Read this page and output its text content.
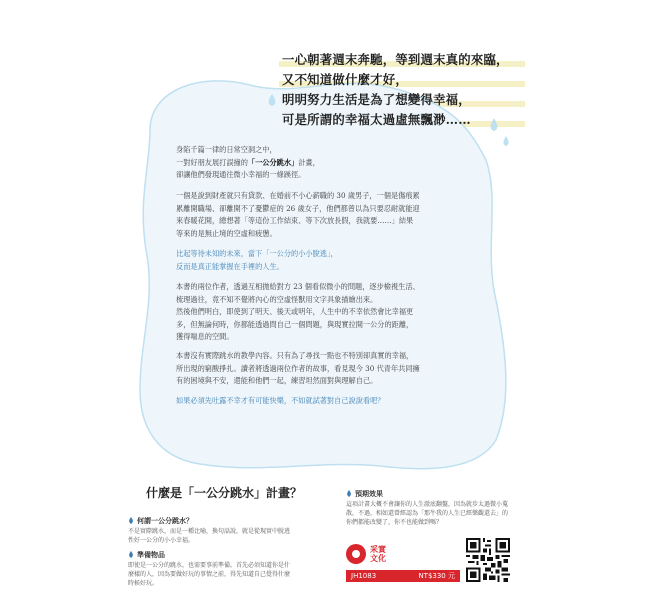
一心朝著週末奔馳，等到週末真的來臨，
又不知道做什麼才好，
明明努力生活是為了想變得幸福，
可是所謂的幸福太過虛無飄渺……

身陷千篇一律的日常空洞之中，

一對好朋友展打誤撞的「一公分跳水」計畫，

卻讓他們發現通往微小幸福的一條蹊徑。

一個是說到財產就只有貸款、在婚前不小心薪職的 30 歲男子，一個是傷痕累

累離開職場、卻離開不了憂鬱症的 26 歲女子，他們都曾以為只要忍耐就能迎

來春暖花開，總想著「等這份工作結束、等下次放長假，我就要……」結果

等來的是無止境的空虛和疲憊。

比起等待未知的未來，當下「一公分的小小脫逃」，

反而是真正能掌握在手裡的人生。

本書的兩位作者，透過互相拋給對方 23 個看似微小的問題，逐步檢視生活、

梳理過往，竟不知不覺將內心的空虛怪獸用文字具象描繪出來。

然後他們明白，即使到了明天、後天或明年，人生中的不幸依然會比幸福更

多，但無論何時，你都能透過問自己一個問題，與現實拉開一公分的距離，

獲得喘息的空間。

本書沒有實際跳水的教學內容。只有為了尋找一點也不特別卻真實的幸福，

所出現的窮酸掙扎。讀者將透過兩位作者的故事，看見現今 30 代青年共同擁

有的困境與不安，還能和他們一起，練習坦然面對與理解自己。

如果必須先吐露不幸才有可能快樂，不如就試著對自己說說看吧？

什麼是「一公分跳水」計畫？
何謂一公分跳水？
不是實際跳水，而是一種比喻，換句話說，就是從現實中脫逃
性好一公分的小小幸福。
準備物品
即使是一公分的跳水，也需要事前準備。首先必須知道你是什
麼樣的人，因為要做好玩的事情之前，得先知道自己覺得什麼
時候好玩。
預期效果
這項計畫大概不會讓你的人生澈底翻盤，因為就步太過微小蒐
散，不過，相如還曾經認為「那牛我的人生已經樂觀還去」的
你們都能改變了，你不也能做到嗎？
采實
文化
JH1083	NT$330 元
